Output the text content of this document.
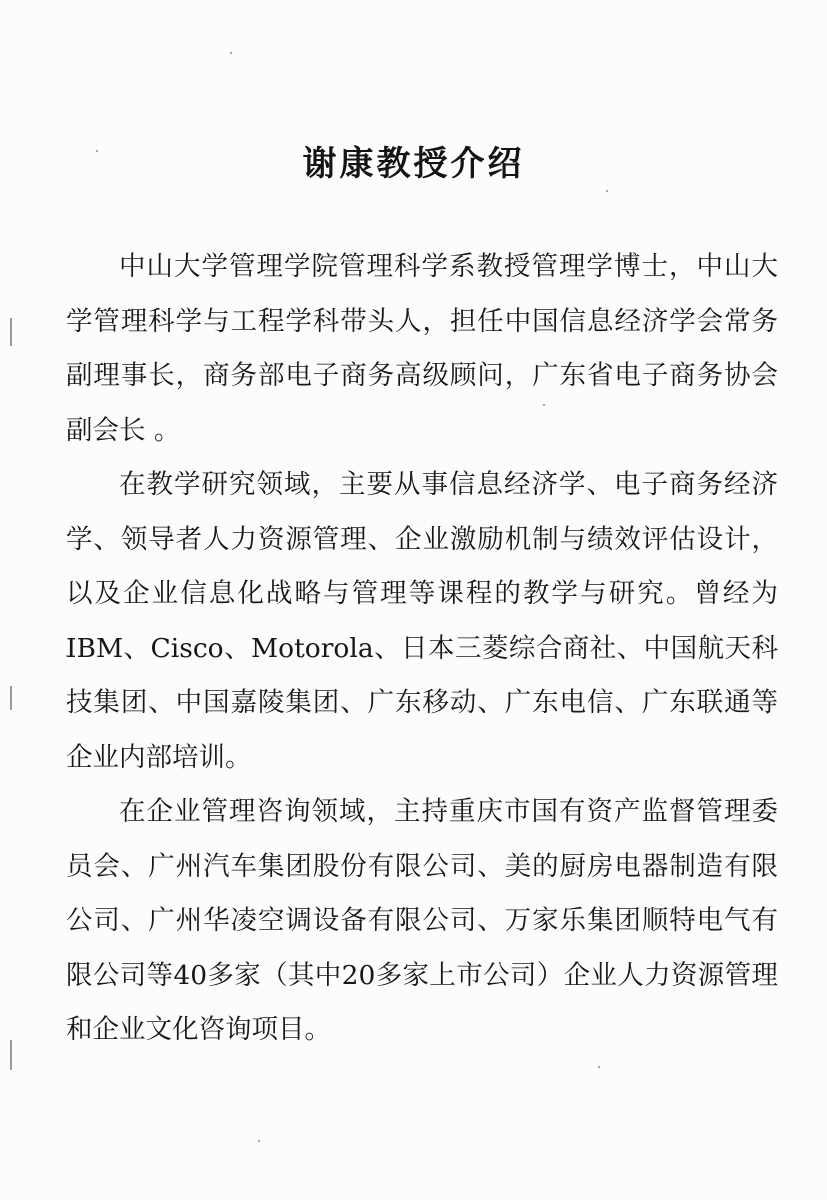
谢康教授介绍

中山大学管理学院管理科学系教授管理学博士，中山大学管理科学与工程学科带头人，担任中国信息经济学会常务副理事长，商务部电子商务高级顾问，广东省电子商务协会副会长 。

在教学研究领域，主要从事信息经济学、电子商务经济学、领导者人力资源管理、企业激励机制与绩效评估设计，以及企业信息化战略与管理等课程的教学与研究。曾经为IBM、Cisco、Motorola、日本三菱综合商社、中国航天科技集团、中国嘉陵集团、广东移动、广东电信、广东联通等企业内部培训。

在企业管理咨询领域，主持重庆市国有资产监督管理委员会、广州汽车集团股份有限公司、美的厨房电器制造有限公司、广州华凌空调设备有限公司、万家乐集团顺特电气有限公司等40多家（其中20多家上市公司）企业人力资源管理和企业文化咨询项目。
